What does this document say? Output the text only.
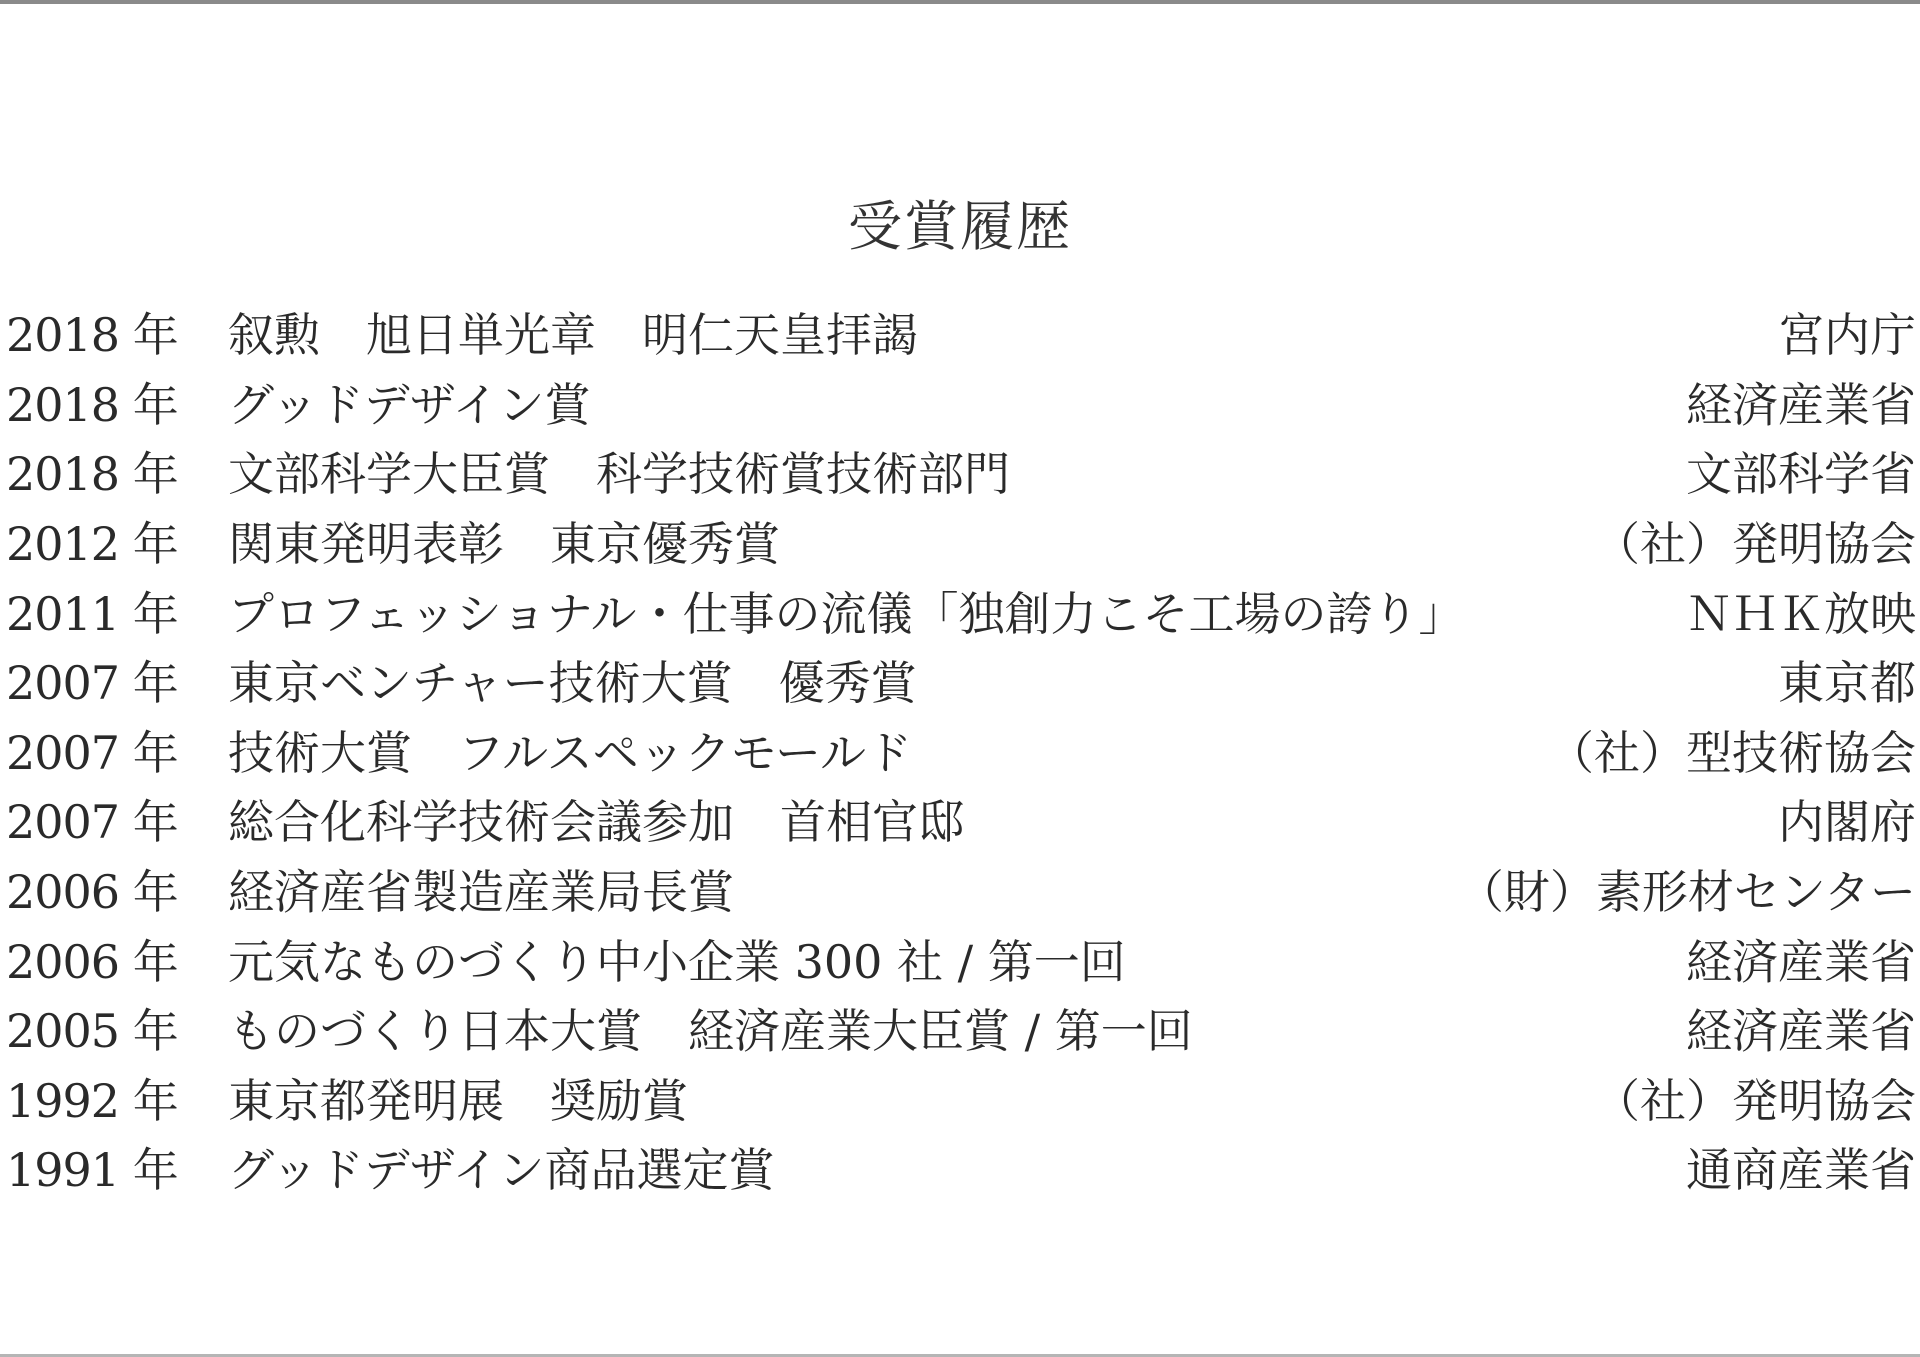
受賞履歴
2018 年	叙勲　旭日単光章　明仁天皇拝謁	宮内庁
2018 年	グッドデザイン賞	経済産業省
2018 年	文部科学大臣賞　科学技術賞技術部門	文部科学省
2012 年	関東発明表彰　東京優秀賞	（社）発明協会
2011 年	プロフェッショナル・仕事の流儀「独創力こそ工場の誇り」	ＮＨＫ放映
2007 年	東京ベンチャー技術大賞　優秀賞	東京都
2007 年	技術大賞　フルスペックモールド	（社）型技術協会
2007 年	総合化科学技術会議参加　首相官邸	内閣府
2006 年	経済産省製造産業局長賞	（財）素形材センター
2006 年	元気なものづくり中小企業 300 社 / 第一回	経済産業省
2005 年	ものづくり日本大賞　経済産業大臣賞 / 第一回	経済産業省
1992 年	東京都発明展　奨励賞	（社）発明協会
1991 年	グッドデザイン商品選定賞	通商産業省
